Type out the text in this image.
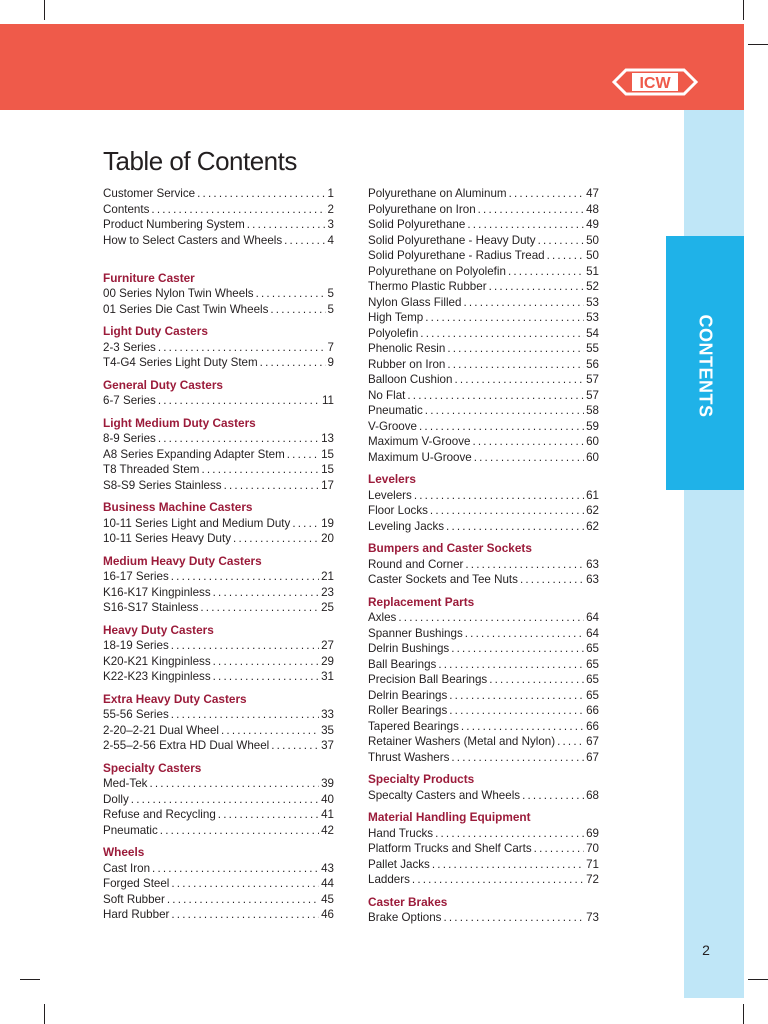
ICW
CONTENTS
Table of Contents
Customer Service .....	1
Contents .....	2
Product Numbering System .....	3
How to Select Casters and Wheels .....	4
Furniture Caster
00 Series Nylon Twin Wheels .....	5
01 Series Die Cast Twin Wheels .....	5
Light Duty Casters
2-3 Series .....	7
T4-G4 Series Light Duty Stem .....	9
General Duty Casters
6-7 Series .....	11
Light Medium Duty Casters
8-9 Series .....	13
A8 Series Expanding Adapter Stem .....	15
T8 Threaded Stem .....	15
S8-S9 Series Stainless .....	17
Business Machine Casters
10-11 Series Light and Medium Duty .....	19
10-11 Series Heavy Duty .....	20
Medium Heavy Duty Casters
16-17 Series .....	21
K16-K17 Kingpinless .....	23
S16-S17 Stainless .....	25
Heavy Duty Casters
18-19 Series .....	27
K20-K21 Kingpinless .....	29
K22-K23 Kingpinless .....	31
Extra Heavy Duty Casters
55-56 Series .....	33
2-20–2-21 Dual Wheel .....	35
2-55–2-56 Extra HD Dual Wheel .....	37
Specialty Casters
Med-Tek .....	39
Dolly .....	40
Refuse and Recycling .....	41
Pneumatic .....	42
Wheels
Cast Iron .....	43
Forged Steel .....	44
Soft Rubber .....	45
Hard Rubber .....	46
Polyurethane on Aluminum .....	47
Polyurethane on Iron .....	48
Solid Polyurethane .....	49
Solid Polyurethane - Heavy Duty .....	50
Solid Polyurethane - Radius Tread .....	50
Polyurethane on Polyolefin .....	51
Thermo Plastic Rubber .....	52
Nylon Glass Filled .....	53
High Temp .....	53
Polyolefin .....	54
Phenolic Resin .....	55
Rubber on Iron .....	56
Balloon Cushion .....	57
No Flat .....	57
Pneumatic .....	58
V-Groove .....	59
Maximum V-Groove .....	60
Maximum U-Groove .....	60
Levelers
Levelers .....	61
Floor Locks .....	62
Leveling Jacks .....	62
Bumpers and Caster Sockets
Round and Corner .....	63
Caster Sockets and Tee Nuts .....	63
Replacement Parts
Axles .....	64
Spanner Bushings .....	64
Delrin Bushings .....	65
Ball Bearings .....	65
Precision Ball Bearings .....	65
Delrin Bearings .....	65
Roller Bearings .....	66
Tapered Bearings .....	66
Retainer Washers (Metal and Nylon) .....	67
Thrust Washers .....	67
Specialty Products
Specalty Casters and Wheels .....	68
Material Handling Equipment
Hand Trucks .....	69
Platform Trucks and Shelf Carts .....	70
Pallet Jacks .....	71
Ladders .....	72
Caster Brakes
Brake Options .....	73
2
